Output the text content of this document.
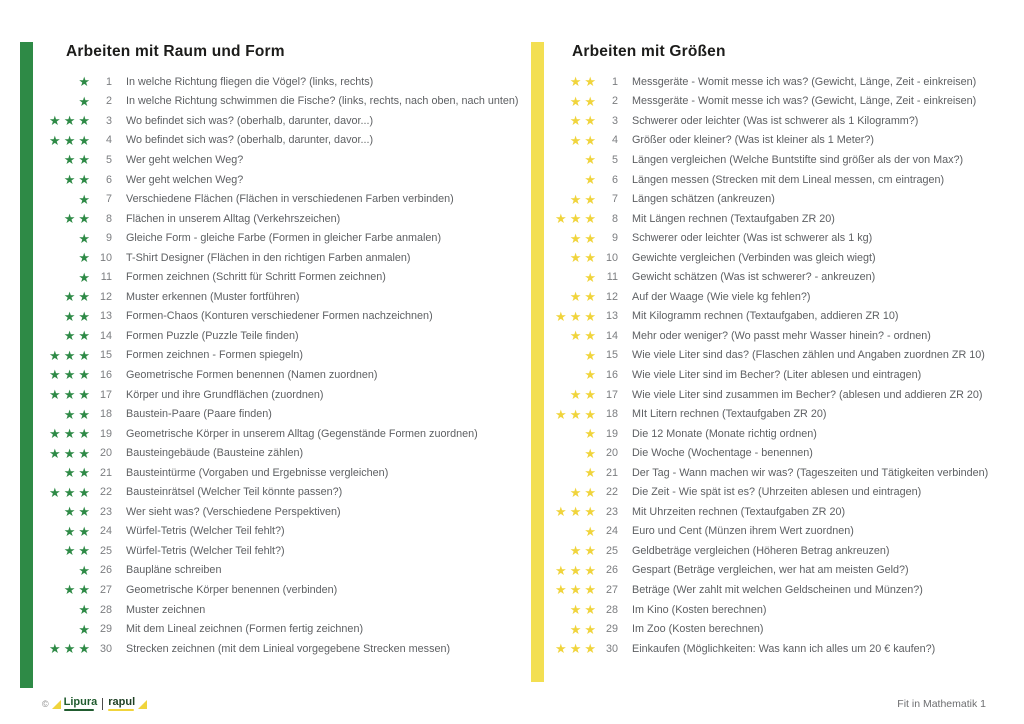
Arbeiten mit Raum und Form
★	1 In welche Richtung fliegen die Vögel? (links, rechts)
★	2 In welche Richtung schwimmen die Fische? (links, rechts, nach oben, nach unten)
★ ★ ★	3 Wo befindet sich was? (oberhalb, darunter, davor...)
★ ★ ★	4 Wo befindet sich was? (oberhalb, darunter, davor...)
★ ★	5 Wer geht welchen Weg?
★ ★	6 Wer geht welchen Weg?
★	7 Verschiedene Flächen (Flächen in verschiedenen Farben verbinden)
★ ★	8 Flächen in unserem Alltag (Verkehrszeichen)
★	9 Gleiche Form - gleiche Farbe (Formen in gleicher Farbe anmalen)
★ 10 T-Shirt Designer (Flächen in den richtigen Farben anmalen)
★ 11 Formen zeichnen (Schritt für Schritt Formen zeichnen)
★ ★ 12 Muster erkennen (Muster fortführen)
★ ★ 13 Formen-Chaos (Konturen verschiedener Formen nachzeichnen)
★ ★ 14 Formen Puzzle (Puzzle Teile finden)
★ ★ ★ 15 Formen zeichnen - Formen spiegeln)
★ ★ ★ 16 Geometrische Formen benennen (Namen zuordnen)
★ ★ ★ 17 Körper und ihre Grundflächen (zuordnen)
★ ★ 18 Baustein-Paare (Paare finden)
★ ★ ★ 19 Geometrische Körper in unserem Alltag (Gegenstände Formen zuordnen)
★ ★ ★ 20 Bausteingebäude (Bausteine zählen)
★ ★ 21 Bausteintürme (Vorgaben und Ergebnisse vergleichen)
★ ★ ★ 22 Bausteinrätsel (Welcher Teil könnte passen?)
★ ★ 23 Wer sieht was? (Verschiedene Perspektiven)
★ ★ 24 Würfel-Tetris (Welcher Teil fehlt?)
★ ★ 25 Würfel-Tetris (Welcher Teil fehlt?)
★ 26 Baupläne schreiben
★ ★ 27 Geometrische Körper benennen (verbinden)
★ 28 Muster zeichnen
★ 29 Mit dem Lineal zeichnen (Formen fertig zeichnen)
★ ★ ★ 30 Strecken zeichnen (mit dem Linieal vorgegebene Strecken messen)
Arbeiten mit Größen
★ ★	1 Messgeräte - Womit messe ich was? (Gewicht, Länge, Zeit - einkreisen)
★ ★	2 Messgeräte - Womit messe ich was? (Gewicht, Länge, Zeit - einkreisen)
★ ★	3 Schwerer oder leichter (Was ist schwerer als 1 Kilogramm?)
★ ★	4 Größer oder kleiner? (Was ist kleiner als 1 Meter?)
★	5 Längen vergleichen (Welche Buntstifte sind größer als der von Max?)
★	6 Längen messen (Strecken mit dem Lineal messen, cm eintragen)
★ ★	7 Längen schätzen (ankreuzen)
★ ★ ★	8 Mit Längen rechnen (Textaufgaben ZR 20)
★ ★	9 Schwerer oder leichter (Was ist schwerer als 1 kg)
★ ★ 10 Gewichte vergleichen (Verbinden was gleich wiegt)
★ 11 Gewicht schätzen (Was ist schwerer? - ankreuzen)
★ ★ 12 Auf der Waage (Wie viele kg fehlen?)
★ ★ ★ 13 Mit Kilogramm rechnen (Textaufgaben, addieren ZR 10)
★ ★ 14 Mehr oder weniger? (Wo passt mehr Wasser hinein? - ordnen)
★ 15 Wie viele Liter sind das? (Flaschen zählen und Angaben zuordnen ZR 10)
★ 16 Wie viele Liter sind im Becher? (Liter ablesen und eintragen)
★ ★ 17 Wie viele Liter sind zusammen im Becher? (ablesen und addieren ZR 20)
★ ★ ★ 18 MIt Litern rechnen (Textaufgaben ZR 20)
★ 19 Die 12 Monate (Monate richtig ordnen)
★ 20 Die Woche (Wochentage - benennen)
★ 21 Der Tag - Wann machen wir was? (Tageszeiten und Tätigkeiten verbinden)
★ ★ 22 Die Zeit - Wie spät ist es? (Uhrzeiten ablesen und eintragen)
★ ★ ★ 23 Mit Uhrzeiten rechnen (Textaufgaben ZR 20)
★ 24 Euro und Cent (Münzen ihrem Wert zuordnen)
★ ★ 25 Geldbeträge vergleichen (Höheren Betrag ankreuzen)
★ ★ ★ 26 Gespart (Beträge vergleichen, wer hat am meisten Geld?)
★ ★ ★ 27 Beträge (Wer zahlt mit welchen Geldscheinen und Münzen?)
★ ★ 28 Im Kino (Kosten berechnen)
★ ★ 29 Im Zoo (Kosten berechnen)
★ ★ ★ 30 Einkaufen (Möglichkeiten: Was kann ich alles um 20 € kaufen?)
© Lipura rapul	Fit in Mathematik 1
